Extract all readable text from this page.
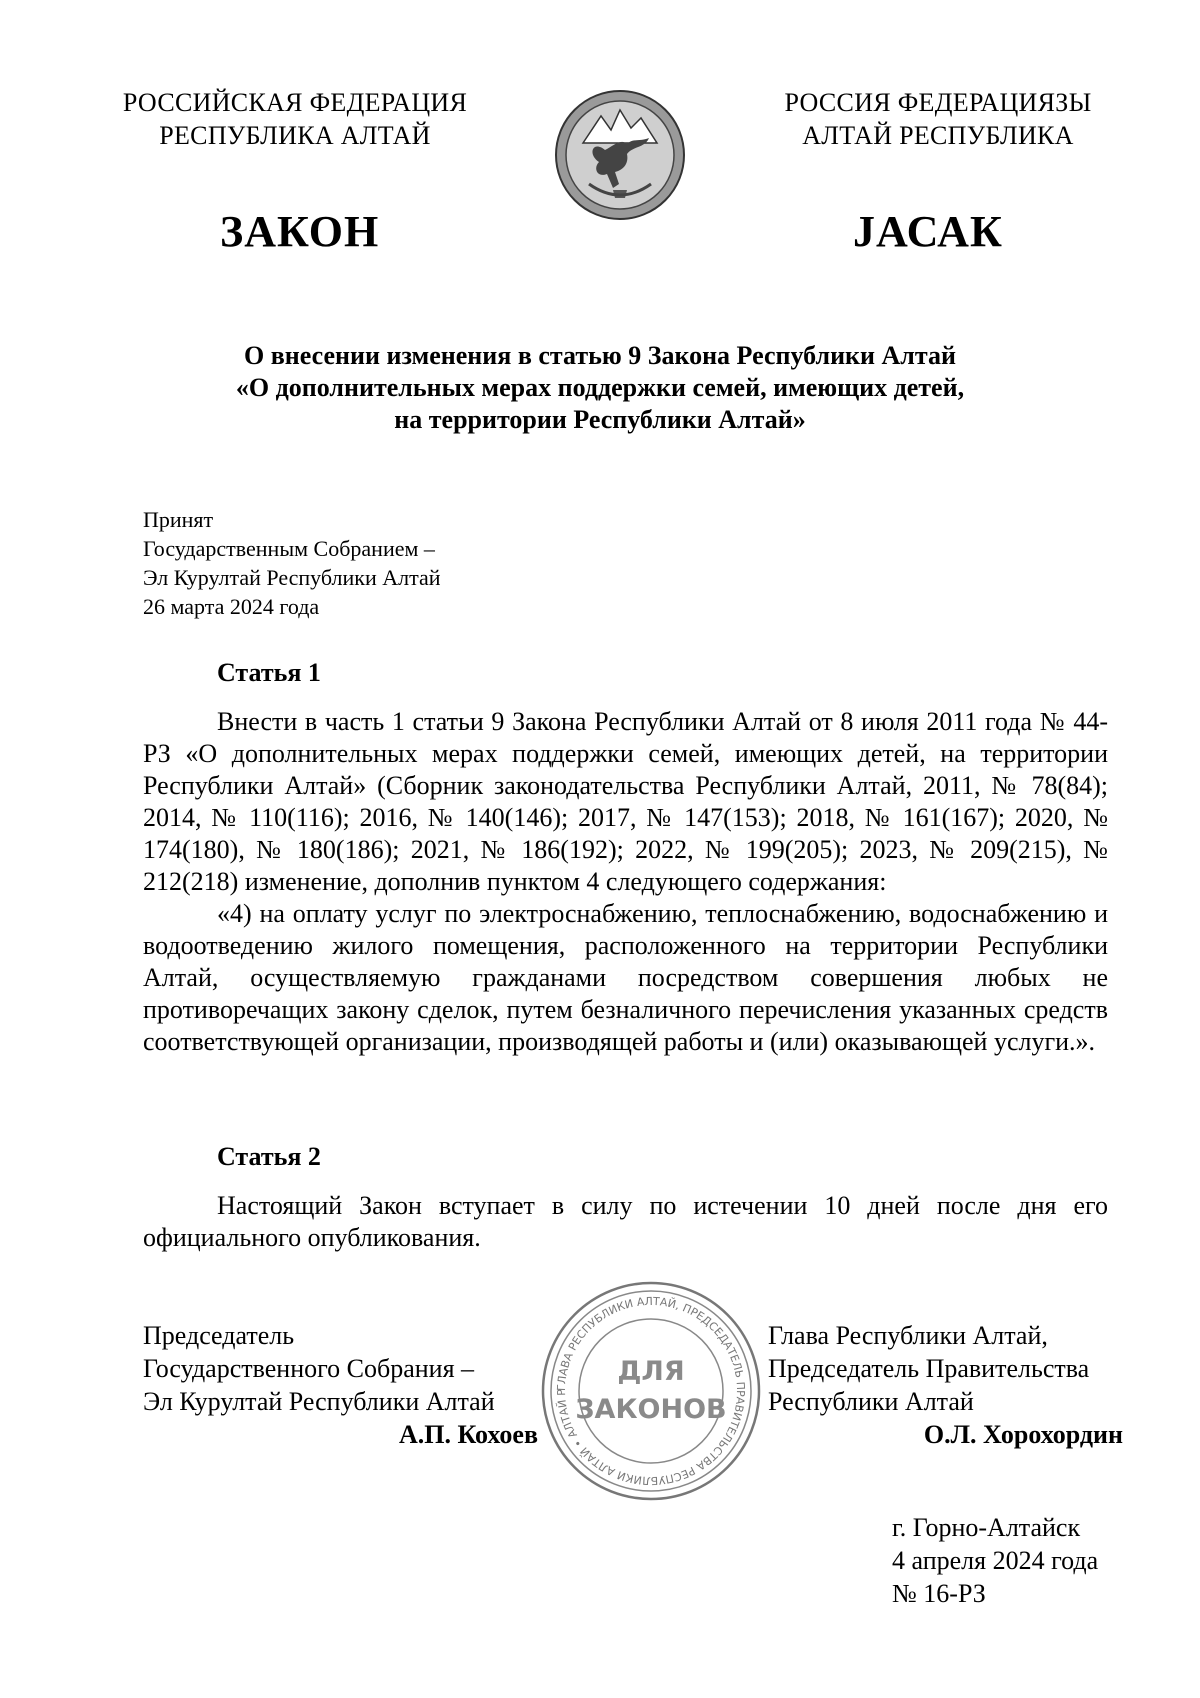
РОССИЙСКАЯ ФЕДЕРАЦИЯ
РЕСПУБЛИКА АЛТАЙ
РОССИЯ ФЕДЕРАЦИЯЗЫ
АЛТАЙ РЕСПУБЛИКА
ЗАКОН	ЈАСАК
О внесении изменения в статью 9 Закона Республики Алтай
«О дополнительных мерах поддержки семей, имеющих детей,
на территории Республики Алтай»
Принят
Государственным Собранием –
Эл Курултай Республики Алтай
26 марта 2024 года
Статья 1

Внести в часть 1 статьи 9 Закона Республики Алтай от 8 июля 2011 года № 44-РЗ «О дополнительных мерах поддержки семей, имеющих детей, на территории Республики Алтай» (Сборник законодательства Республики Алтай, 2011, № 78(84); 2014, № 110(116); 2016, № 140(146); 2017, № 147(153); 2018, № 161(167); 2020, № 174(180), № 180(186); 2021, № 186(192); 2022, № 199(205); 2023, № 209(215), № 212(218) изменение, дополнив пунктом 4 следующего содержания:

«4) на оплату услуг по электроснабжению, теплоснабжению, водоснабжению и водоотведению жилого помещения, расположенного на территории Республики Алтай, осуществляемую гражданами посредством совершения любых не противоречащих закону сделок, путем безналичного перечисления указанных средств соответствующей организации, производящей работы и (или) оказывающей услуги.».

Статья 2

Настоящий Закон вступает в силу по истечении 10 дней после дня его официального опубликования.

Председатель
Государственного Собрания –
Эл Курултай Республики Алтай
А.П. Кохоев
ГЛАВА РЕСПУБЛИКИ АЛТАЙ, ПРЕДСЕДАТЕЛЬ ПРАВИТЕЛЬСТВА РЕСПУБЛИКИ АЛТАЙ • АЛТАЙ Р
ДЛЯ
ЗАКОНОВ
Глава Республики Алтай,
Председатель Правительства
Республики Алтай
О.Л. Хорохордин
г. Горно-Алтайск
4 апреля 2024 года
№ 16-РЗ
